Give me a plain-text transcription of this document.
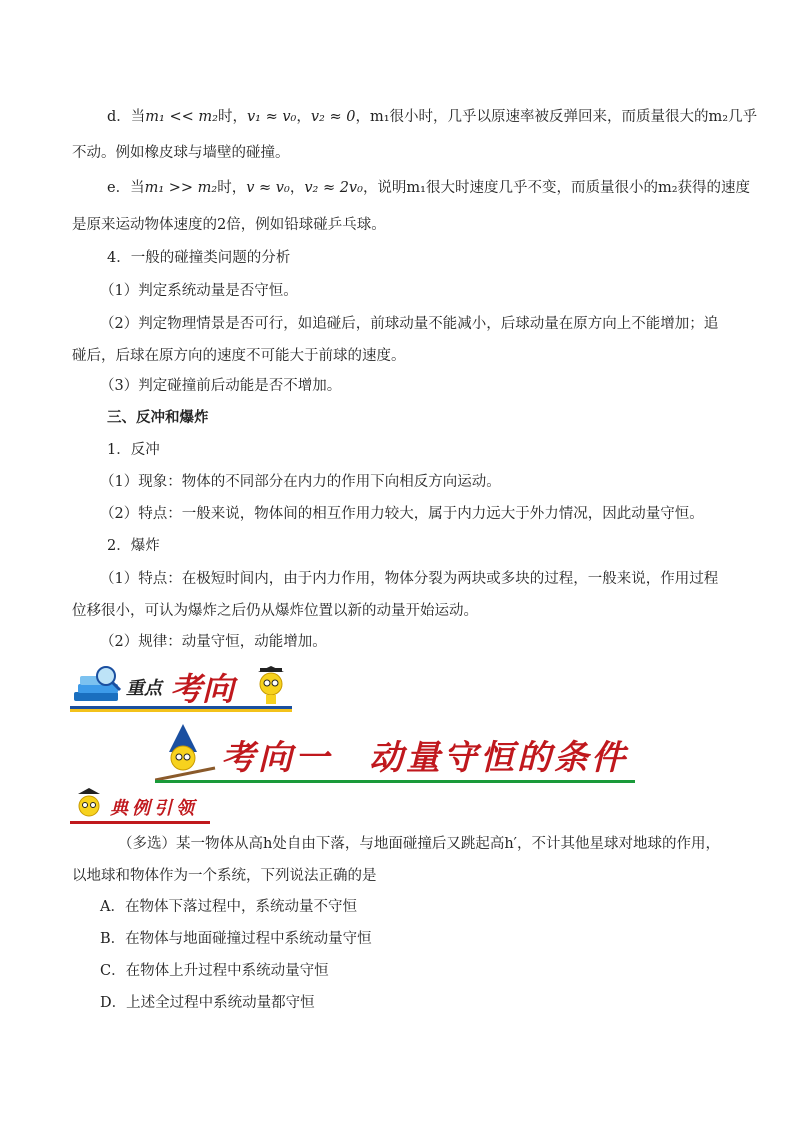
d．当m₁ << m₂时，v₁ ≈ v₀，v₂ ≈ 0，m₁很小时，几乎以原速率被反弹回来，而质量很大的m₂几乎
不动。例如橡皮球与墙壁的碰撞。
e．当m₁ >> m₂时，v ≈ v₀，v₂ ≈ 2v₀，说明m₁很大时速度几乎不变，而质量很小的m₂获得的速度
是原来运动物体速度的2倍，例如铅球碰乒乓球。
4．一般的碰撞类问题的分析
（1）判定系统动量是否守恒。
（2）判定物理情景是否可行，如追碰后，前球动量不能减小，后球动量在原方向上不能增加；追碰后，后球在原方向的速度不可能大于前球的速度。
（3）判定碰撞前后动能是否不增加。
三、反冲和爆炸
1．反冲
（1）现象：物体的不同部分在内力的作用下向相反方向运动。
（2）特点：一般来说，物体间的相互作用力较大，属于内力远大于外力情况，因此动量守恒。
2．爆炸
（1）特点：在极短时间内，由于内力作用，物体分裂为两块或多块的过程，一般来说，作用过程位移很小，可认为爆炸之后仍从爆炸位置以新的动量开始运动。
（2）规律：动量守恒，动能增加。
重点 考向
考向一　动量守恒的条件
典例引领
（多选）某一物体从高h处自由下落，与地面碰撞后又跳起高h′，不计其他星球对地球的作用，以地球和物体作为一个系统，下列说法正确的是
A．在物体下落过程中，系统动量不守恒
B．在物体与地面碰撞过程中系统动量守恒
C．在物体上升过程中系统动量守恒
D．上述全过程中系统动量都守恒
